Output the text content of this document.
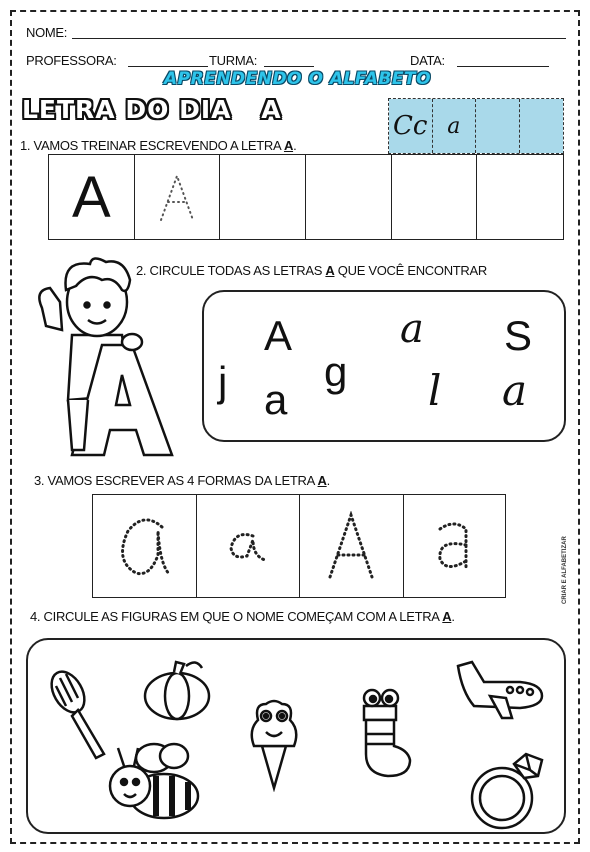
NOME:
PROFESSORA:	TURMA:	DATA:
APRENDENDO O ALFABETO
LETRA DO DIA A
Cc a
1. VAMOS TREINAR ESCREVENDO A LETRA A.
A
2. CIRCULE TODAS AS LETRAS A QUE VOCÊ ENCONTRAR
A	a S
j g
a	l a
3. VAMOS ESCREVER AS 4 FORMAS DA LETRA A.
CRIAR E ALFABETIZAR
4. CIRCULE AS FIGURAS EM QUE O NOME COMEÇAM COM A LETRA A.
